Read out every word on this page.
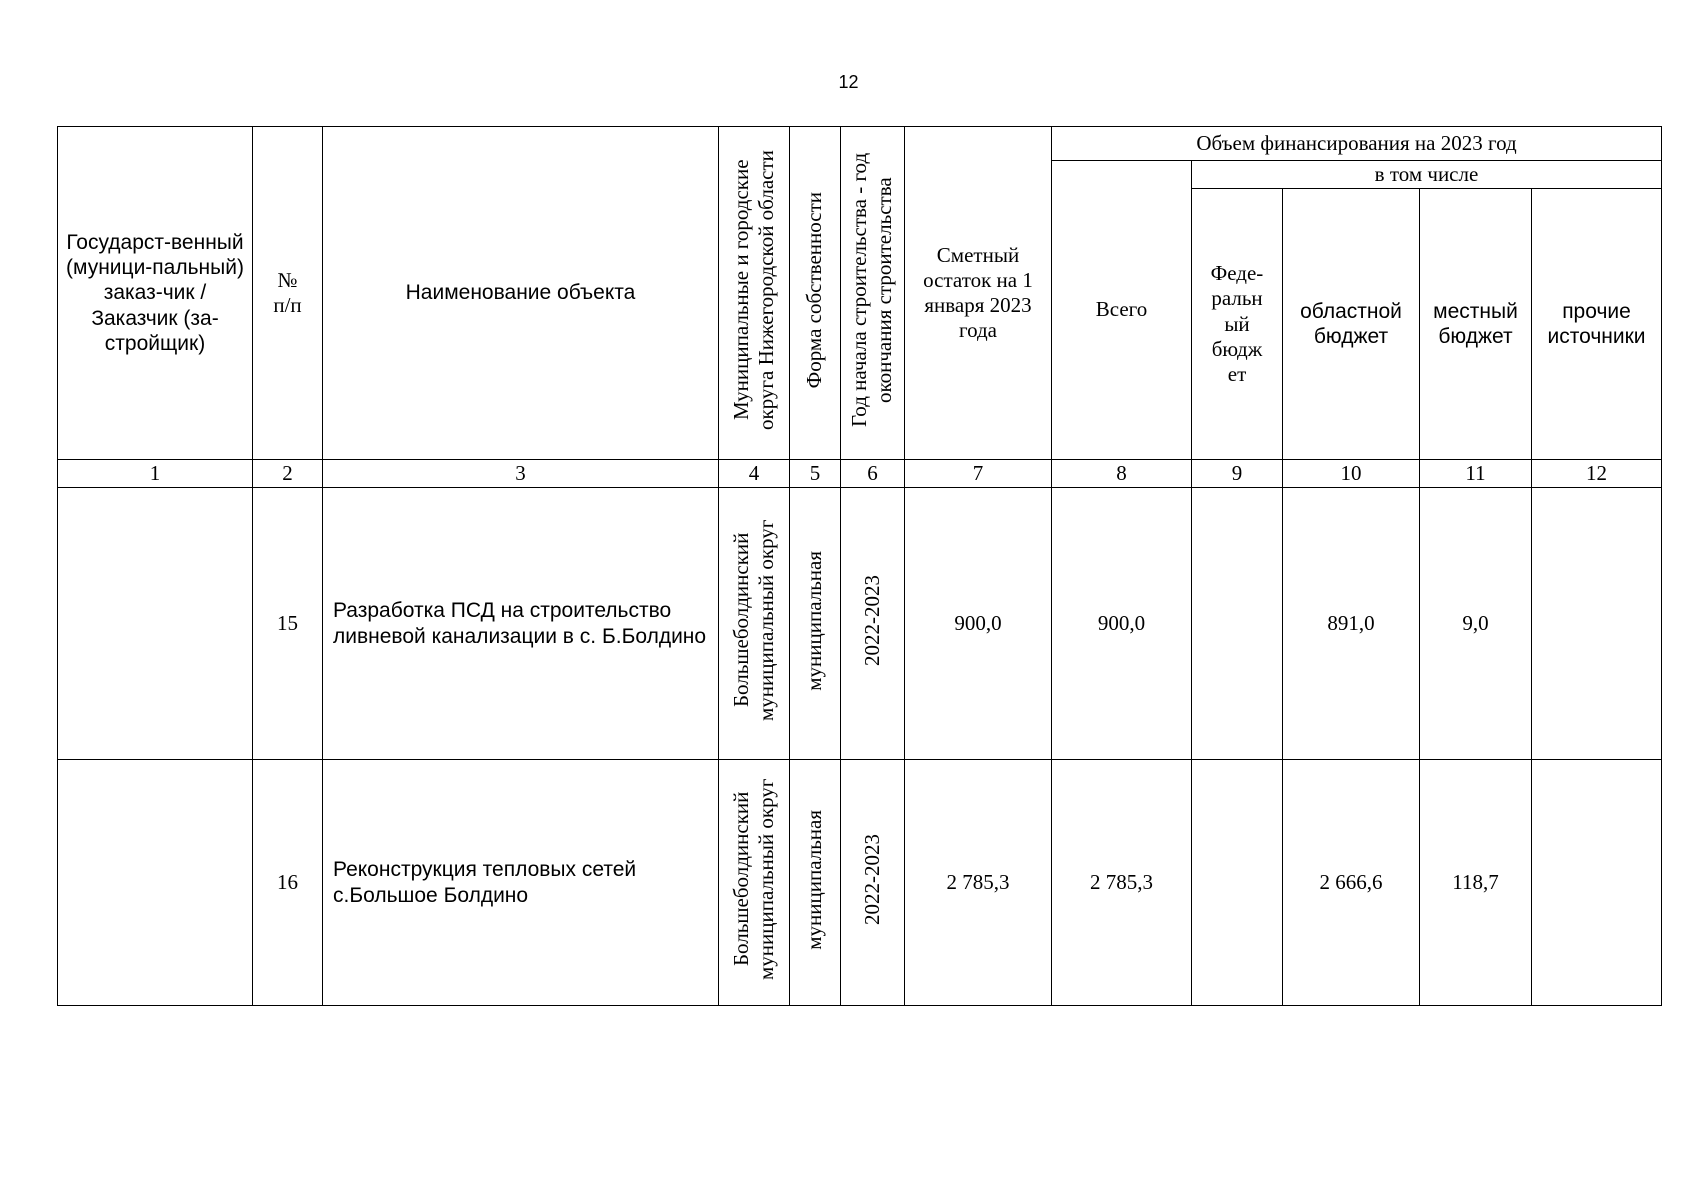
12
Государст-венный (муници-пальный) заказ-чик / Заказчик (за-стройщик)	№ п/п	Наименование объекта	Муниципальные и городские округа Нижегородской области	Форма собственности	Год начала строительства - год окончания строительства	Сметный остаток на 1 января 2023 года	Объем финансирования на 2023 год				
							Всего	в том числе			

								Феде-ральн ый бюдж ет	областной бюджет	местный бюджет	прочие источники

1	2	3	4	5	6	7	8	9	10	11	12
	15	Разработка ПСД на строительство ливневой канализации в с. Б.Болдино	Большеболдинский муниципальный округ	муниципальная	2022-2023	900,0	900,0		891,0	9,0	
	16	Реконструкция тепловых сетей с.Большое Болдино	Большеболдинский муниципальный округ	муниципальная	2022-2023	2 785,3	2 785,3		2 666,6	118,7	
